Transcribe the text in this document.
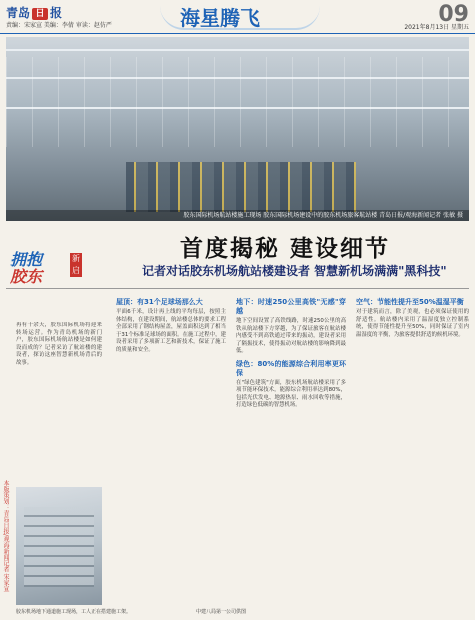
青岛 日 报
责编：宋家宣 美编：李倩 审读：赵仿严	海星腾飞	09
2021年8月13日 星期五
胶东国际机场航站楼施工现场 胶东国际机场建设中的胶东机场旅客航站楼 青岛日报/观海新闻记者 张敏 摄
拥抱
胶东
新启
首度揭秘 建设细节
记者对话胶东机场航站楼建设者 智慧新机场满满"黑科技"
本版策划：青岛日报/观海新闻记者 宋家宣

再有十余天，胶东国际机场将迎来转场运营。作为青岛机场的新门户，胶东国际机场航站楼是如何建设而成的？记者采访了航站楼的建设者，探访这座智慧新机场背后的故事。

屋顶：有31个足球场那么大

平面6千米，设计再上线的平均每层，按照主体结构，在建设期间，航站楼总体的要求工程全部采用了钢结构屋盖，屋盖面积达到了相当于31个标准足球场的面积。在施工过程中，建设者采用了多项新工艺和新技术，保证了施工的质量和安全。

地下：时速250公里高铁"无感"穿越

地下空间设置了高铁线路，时速250公里的高铁从航站楼下方穿越，为了保证旅客在航站楼内感受不到高铁通过带来的振动，建设者采用了隔振技术，使得振动对航站楼的影响降到最低。

绿色：80%的能源综合利用率更环保

在"绿色建筑"方面，胶东机场航站楼采用了多项节能环保技术，能源综合利用率达到80%，包括光伏发电、地源热泵、雨水回收等措施，打造绿色低碳的智慧机场。

空气：节能性提升至50%温湿平衡

对于建筑而言，除了美观，也必须保证使用的舒适性。航站楼内采用了温湿度独立控制系统，使得节能性提升至50%，同时保证了室内温湿度的平衡，为旅客提供舒适的候机环境。

胶东机场地下通道施工现场，工人正在搭建施工架。	中建八局第一公司供图
